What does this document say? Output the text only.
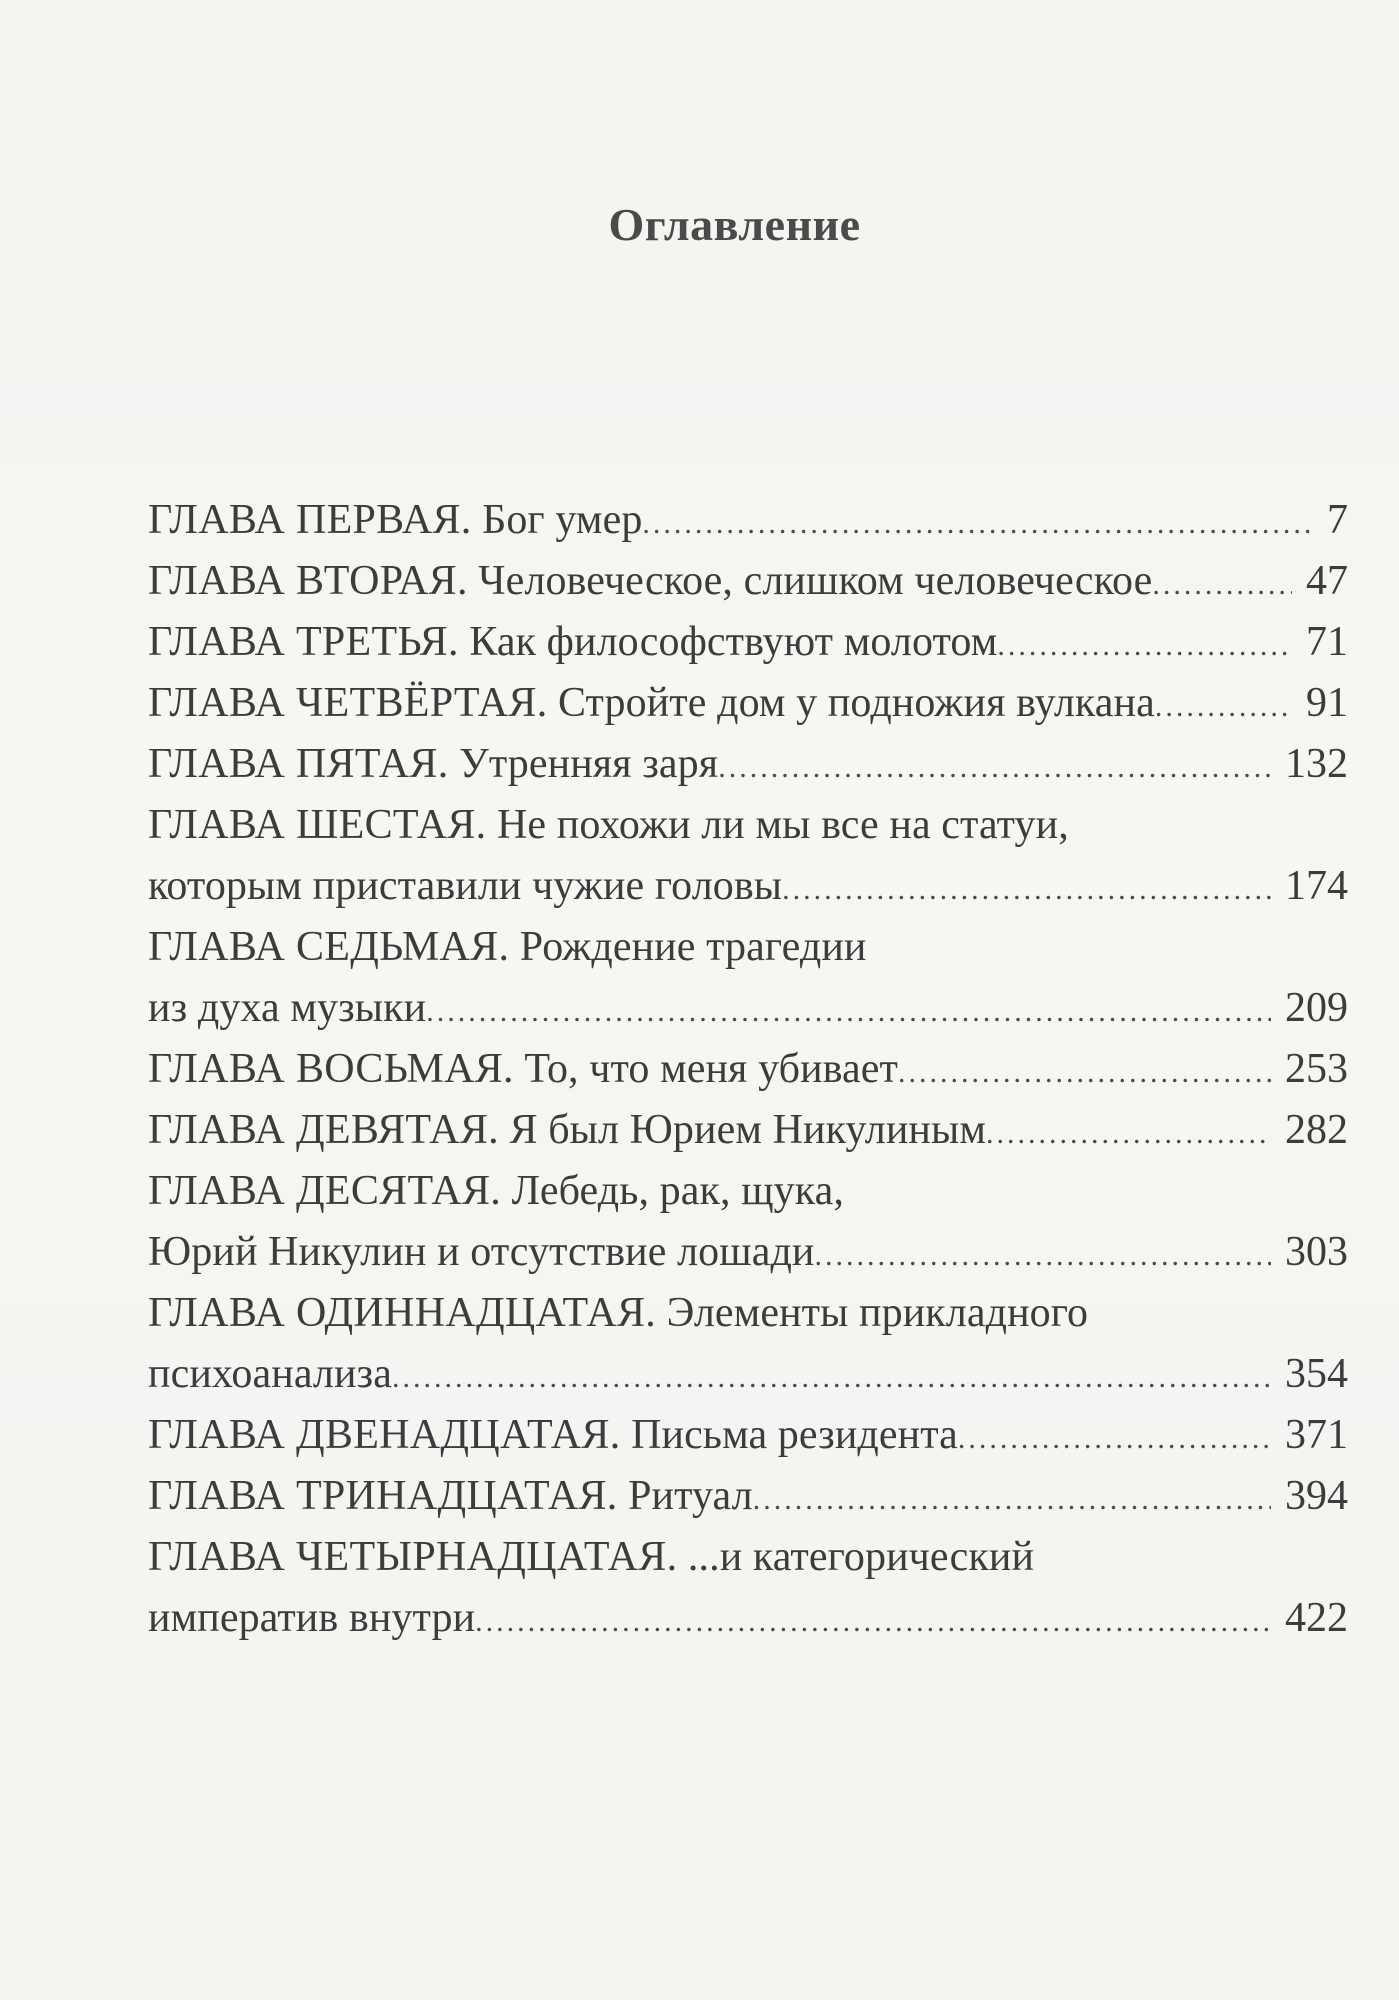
Оглавление
ГЛАВА ПЕРВАЯ. Бог умер .....	7
ГЛАВА ВТОРАЯ. Человеческое, слишком человеческое .....	47
ГЛАВА ТРЕТЬЯ. Как философствуют молотом .....	71
ГЛАВА ЧЕТВЁРТАЯ. Стройте дом у подножия вулкана .....	91
ГЛАВА ПЯТАЯ. Утренняя заря .....	132
ГЛАВА ШЕСТАЯ. Не похожи ли мы все на статуи,
которым приставили чужие головы .....	174
ГЛАВА СЕДЬМАЯ. Рождение трагедии
из духа музыки .....	209
ГЛАВА ВОСЬМАЯ. То, что меня убивает .....	253
ГЛАВА ДЕВЯТАЯ. Я был Юрием Никулиным .....	282
ГЛАВА ДЕСЯТАЯ. Лебедь, рак, щука,
Юрий Никулин и отсутствие лошади .....	303
ГЛАВА ОДИННАДЦАТАЯ. Элементы прикладного
психоанализа .....	354
ГЛАВА ДВЕНАДЦАТАЯ. Письма резидента .....	371
ГЛАВА ТРИНАДЦАТАЯ. Ритуал .....	394
ГЛАВА ЧЕТЫРНАДЦАТАЯ. ...и категорический
императив внутри .....	422
